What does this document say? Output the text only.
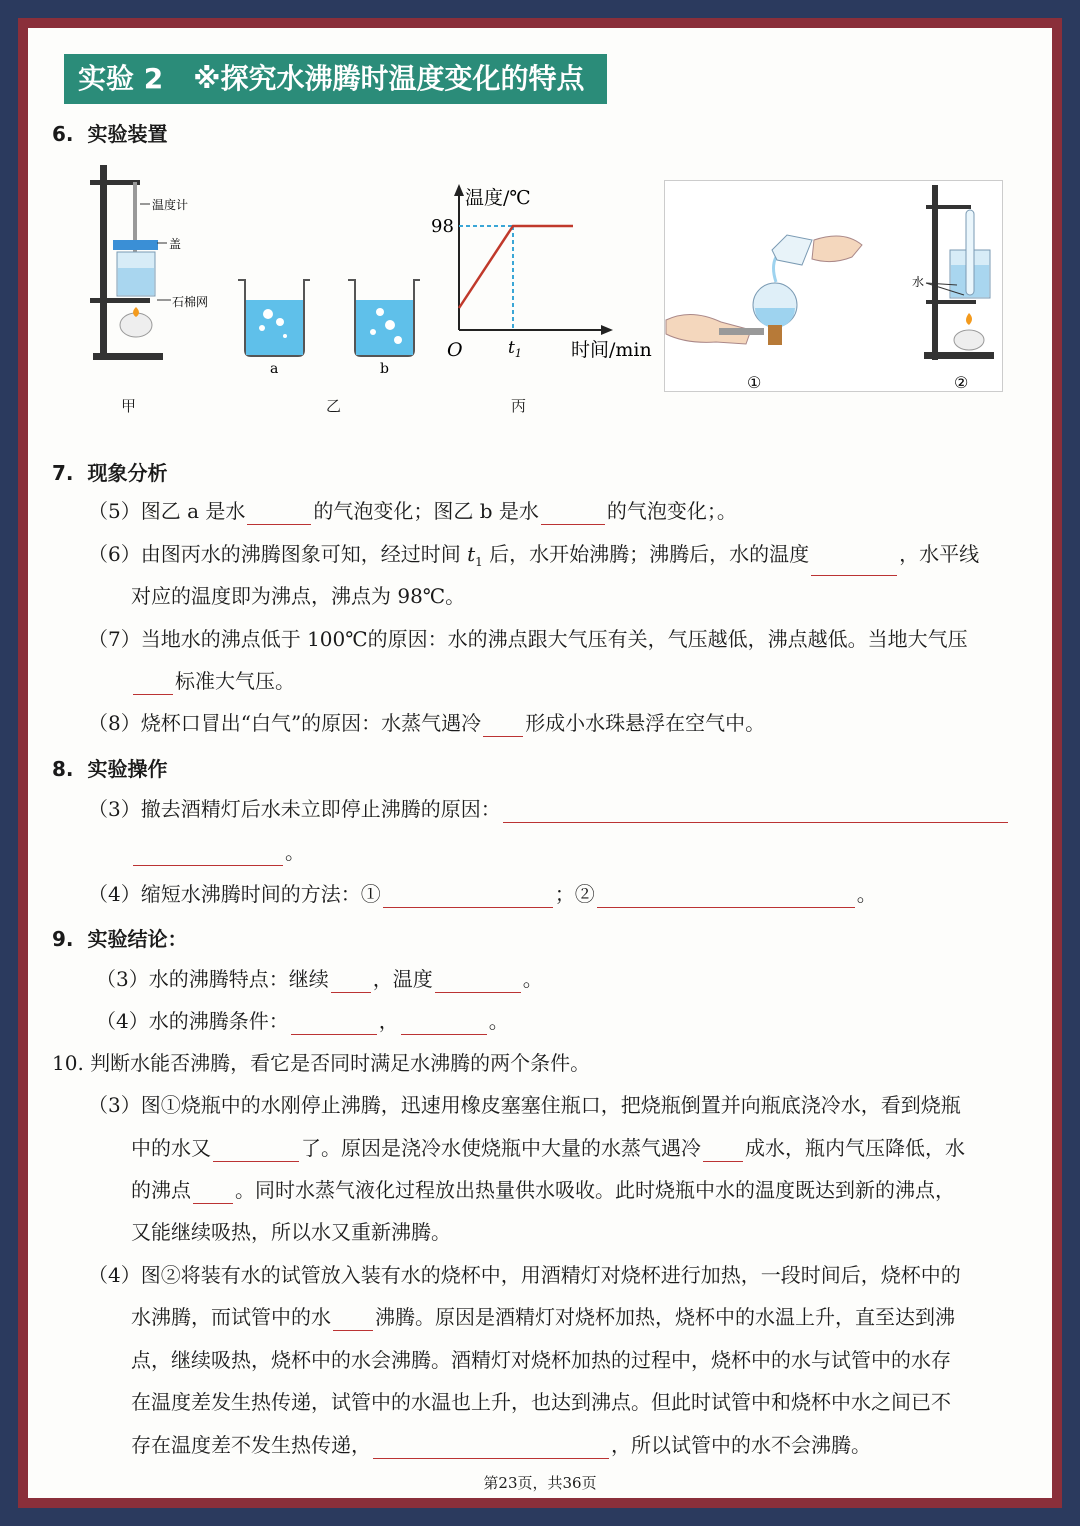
实验 2 ※探究水沸腾时温度变化的特点
6. 实验装置
温度计
盖
石棉网
甲
a	b
乙
温度/℃
98
O	$t_1$	时间/min
丙
水
①	②
7. 现象分析
（5）图乙 a 是水	的气泡变化；图乙 b 是水	的气泡变化；。
（6）由图丙水的沸腾图象可知，经过时间 $t_1$ 后，水开始沸腾；沸腾后，水的温度	，水平线
对应的温度即为沸点，沸点为 98℃。
（7）当地水的沸点低于 100℃的原因：水的沸点跟大气压有关，气压越低，沸点越低。当地大气压
标准大气压。
（8）烧杯口冒出“白气”的原因：水蒸气遇冷 形成小水珠悬浮在空气中。
8. 实验操作
（3）撤去酒精灯后水未立即停止沸腾的原因：
。
（4）缩短水沸腾时间的方法：①	；②	。
9. 实验结论：
（3）水的沸腾特点：继续 ，温度	。
（4）水的沸腾条件：	，	。
10. 判断水能否沸腾，看它是否同时满足水沸腾的两个条件。
（3）图①烧瓶中的水刚停止沸腾，迅速用橡皮塞塞住瓶口，把烧瓶倒置并向瓶底浇冷水，看到烧瓶
中的水又	了。原因是浇冷水使烧瓶中大量的水蒸气遇冷 成水，瓶内气压降低，水
的沸点 。同时水蒸气液化过程放出热量供水吸收。此时烧瓶中水的温度既达到新的沸点，
又能继续吸热，所以水又重新沸腾。
（4）图②将装有水的试管放入装有水的烧杯中，用酒精灯对烧杯进行加热，一段时间后，烧杯中的
水沸腾，而试管中的水 沸腾。原因是酒精灯对烧杯加热，烧杯中的水温上升，直至达到沸
点，继续吸热，烧杯中的水会沸腾。酒精灯对烧杯加热的过程中，烧杯中的水与试管中的水存
在温度差发生热传递，试管中的水温也上升，也达到沸点。但此时试管中和烧杯中水之间已不
存在温度差不发生热传递，	，所以试管中的水不会沸腾。
第23页，共36页
